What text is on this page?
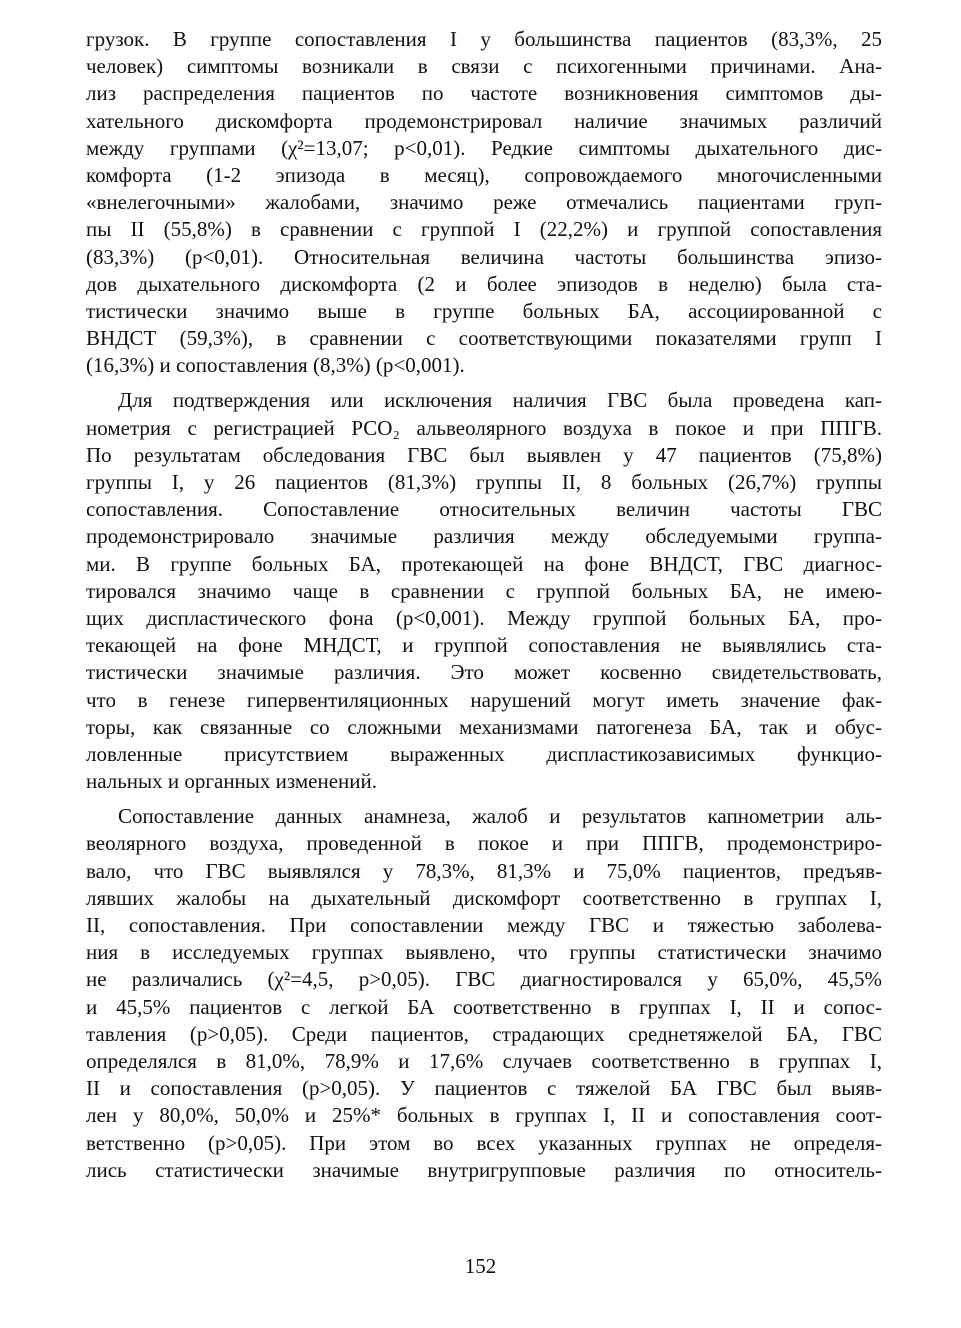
грузок. В группе сопоставления I у большинства пациентов (83,3%, 25
человек) симптомы возникали в связи с психогенными причинами. Ана-
лиз распределения пациентов по частоте возникновения симптомов ды-
хательного дискомфорта продемонстрировал наличие значимых различий
между группами (χ²=13,07; р<0,01). Редкие симптомы дыхательного дис-
комфорта (1-2 эпизода в месяц), сопровождаемого многочисленными
«внелегочными» жалобами, значимо реже отмечались пациентами груп-
пы II (55,8%) в сравнении с группой I (22,2%) и группой сопоставления
(83,3%) (р<0,01). Относительная величина частоты большинства эпизо-
дов дыхательного дискомфорта (2 и более эпизодов в неделю) была ста-
тистически значимо выше в группе больных БА, ассоциированной с
ВНДСТ (59,3%), в сравнении с соответствующими показателями групп I
(16,3%) и сопоставления (8,3%) (р<0,001).

Для подтверждения или исключения наличия ГВС была проведена кап-
нометрия с регистрацией РСО₂ альвеолярного воздуха в покое и при ППГВ.
По результатам обследования ГВС был выявлен у 47 пациентов (75,8%)
группы I, у 26 пациентов (81,3%) группы II, 8 больных (26,7%) группы
сопоставления. Сопоставление относительных величин частоты ГВС
продемонстрировало значимые различия между обследуемыми группа-
ми. В группе больных БА, протекающей на фоне ВНДСТ, ГВС диагнос-
тировался значимо чаще в сравнении с группой больных БА, не имею-
щих диспластического фона (р<0,001). Между группой больных БА, про-
текающей на фоне МНДСТ, и группой сопоставления не выявлялись ста-
тистически значимые различия. Это может косвенно свидетельствовать,
что в генезе гипервентиляционных нарушений могут иметь значение фак-
торы, как связанные со сложными механизмами патогенеза БА, так и обус-
ловленные присутствием выраженных диспластикозависимых функцио-
нальных и органных изменений.

Сопоставление данных анамнеза, жалоб и результатов капнометрии аль-
веолярного воздуха, проведенной в покое и при ППГВ, продемонстриро-
вало, что ГВС выявлялся у 78,3%, 81,3% и 75,0% пациентов, предъяв-
лявших жалобы на дыхательный дискомфорт соответственно в группах I,
II, сопоставления. При сопоставлении между ГВС и тяжестью заболева-
ния в исследуемых группах выявлено, что группы статистически значимо
не различались (χ²=4,5, р>0,05). ГВС диагностировался у 65,0%, 45,5%
и 45,5% пациентов с легкой БА соответственно в группах I, II и сопос-
тавления (р>0,05). Среди пациентов, страдающих среднетяжелой БА, ГВС
определялся в 81,0%, 78,9% и 17,6% случаев соответственно в группах I,
II и сопоставления (р>0,05). У пациентов с тяжелой БА ГВС был выяв-
лен у 80,0%, 50,0% и 25%* больных в группах I, II и сопоставления соот-
ветственно (р>0,05). При этом во всех указанных группах не определя-
лись статистически значимые внутригрупповые различия по относитель-

152
